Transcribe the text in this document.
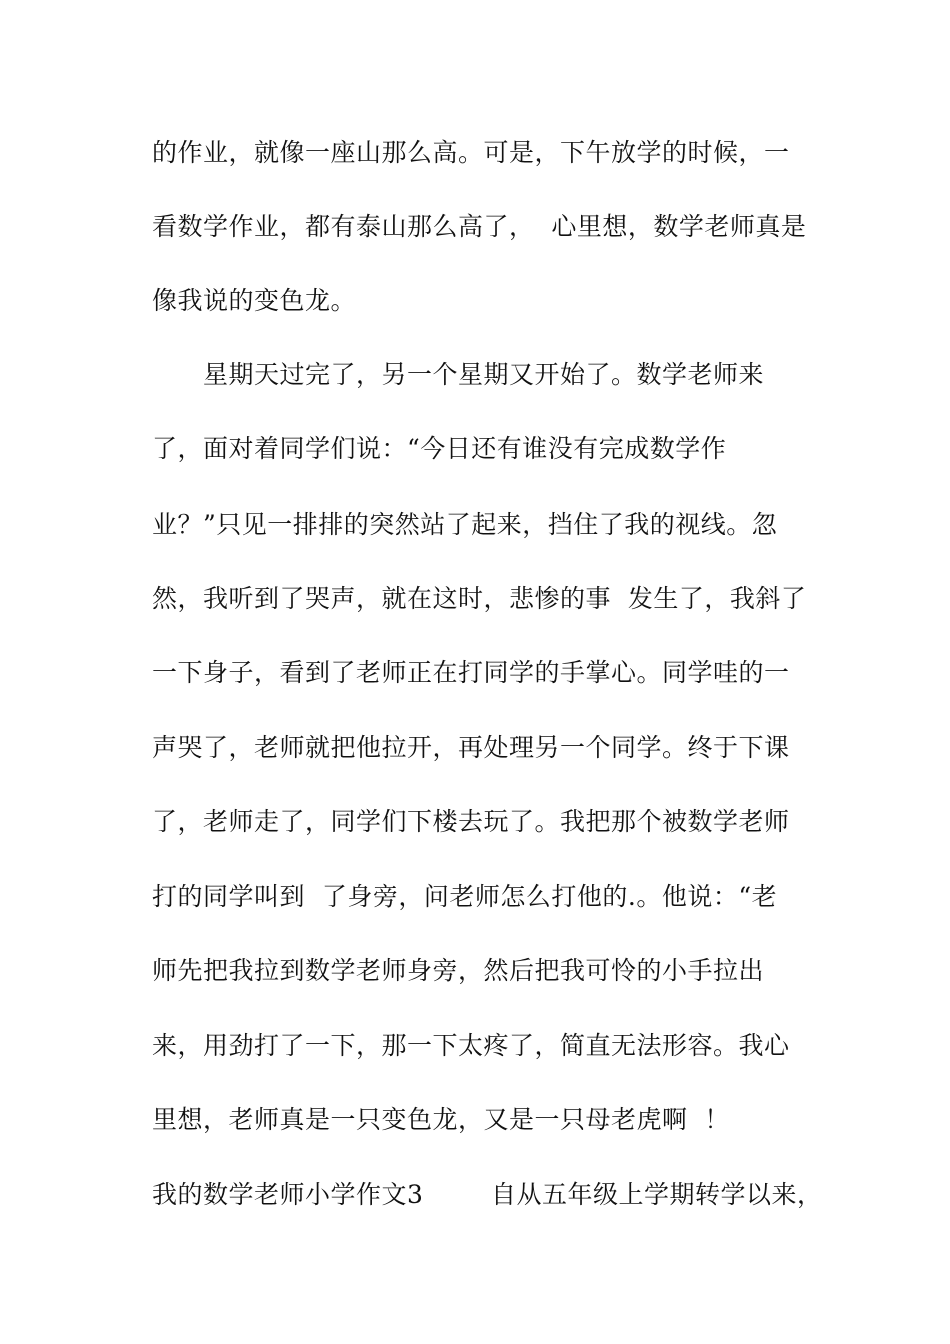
的作业，就像一座山那么高。可是，下午放学的时候，一
看数学作业，都有泰山那么高了，  心里想，数学老师真是
像我说的变色龙。
星期天过完了，另一个星期又开始了。数学老师来
了，面对着同学们说：“今日还有谁没有完成数学作
业？”只见一排排的突然站了起来，挡住了我的视线。忽
然，我听到了哭声，就在这时，悲惨的事  发生了，我斜了
一下身子，看到了老师正在打同学的手掌心。同学哇的一
声哭了，老师就把他拉开，再处理另一个同学。终于下课
了，老师走了，同学们下楼去玩了。我把那个被数学老师
打的同学叫到  了身旁，问老师怎么打他的.。他说：“老
师先把我拉到数学老师身旁，然后把我可怜的小手拉出
来，用劲打了一下，那一下太疼了，简直无法形容。我心
里想，老师真是一只变色龙，又是一只母老虎啊  ！
我的数学老师小学作文3        自从五年级上学期转学以来，
